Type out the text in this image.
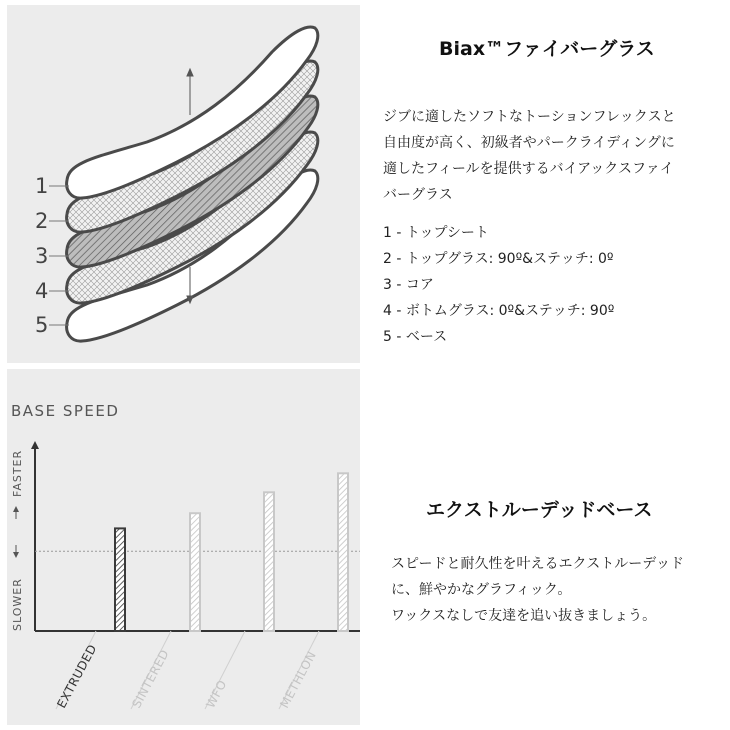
1
2
3
4
5
Biax™ファイバーグラス
ジブに適したソフトなトーションフレックスと
自由度が高く、初級者やパークライディングに
適したフィールを提供するバイアックスファイ
バーグラス
1 - トップシート
2 - トップグラス: 90º&ステッチ: 0º
3 - コア
4 - ボトムグラス: 0º&ステッチ: 90º
5 - ベース
BASE SPEED
FASTER
SLOWER
EXTRUDED SINTERED	WFO	METHLON
エクストルーデッドベース
スピードと耐久性を叶えるエクストルーデッド
に、鮮やかなグラフィック。
ワックスなしで友達を追い抜きましょう。
